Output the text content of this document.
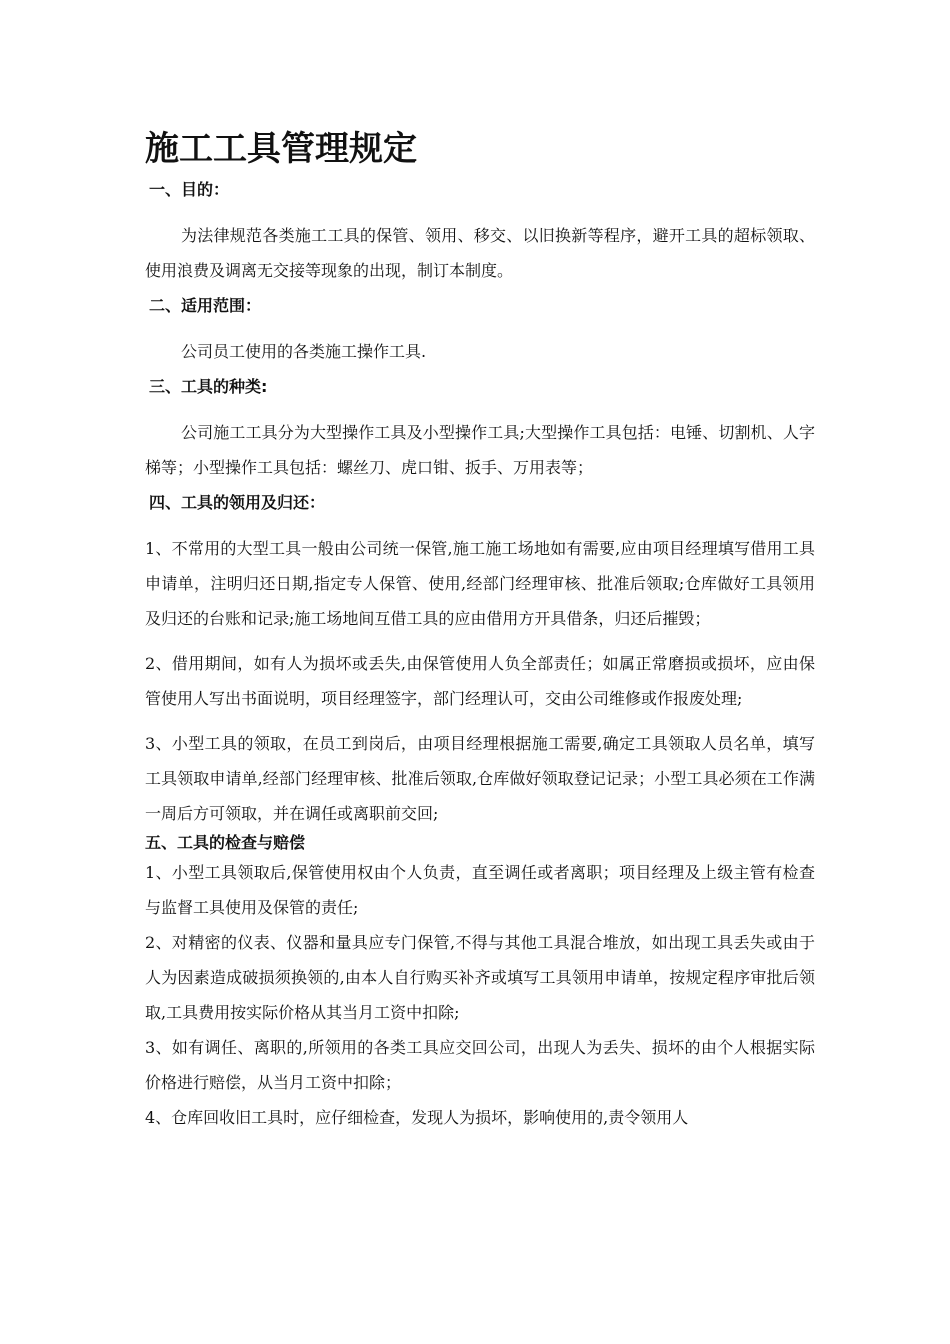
施工工具管理规定
一、目的：

为法律规范各类施工工具的保管、领用、移交、以旧换新等程序，避开工具的超标领取、使用浪费及调离无交接等现象的出现，制订本制度。

二、适用范围：

公司员工使用的各类施工操作工具.

三、工具的种类:

公司施工工具分为大型操作工具及小型操作工具;大型操作工具包括：电锤、切割机、人字梯等；小型操作工具包括：螺丝刀、虎口钳、扳手、万用表等；

四、工具的领用及归还：

1、不常用的大型工具一般由公司统一保管,施工施工场地如有需要,应由项目经理填写借用工具申请单，注明归还日期,指定专人保管、使用,经部门经理审核、批准后领取;仓库做好工具领用及归还的台账和记录;施工场地间互借工具的应由借用方开具借条，归还后摧毁；

2、借用期间，如有人为损坏或丢失,由保管使用人负全部责任；如属正常磨损或损坏，应由保管使用人写出书面说明，项目经理签字，部门经理认可，交由公司维修或作报废处理;

3、小型工具的领取，在员工到岗后，由项目经理根据施工需要,确定工具领取人员名单，填写工具领取申请单,经部门经理审核、批准后领取,仓库做好领取登记记录；小型工具必须在工作满一周后方可领取，并在调任或离职前交回;

五、工具的检查与赔偿

1、小型工具领取后,保管使用权由个人负责，直至调任或者离职；项目经理及上级主管有检查与监督工具使用及保管的责任;

2、对精密的仪表、仪器和量具应专门保管,不得与其他工具混合堆放，如出现工具丢失或由于人为因素造成破损须换领的,由本人自行购买补齐或填写工具领用申请单，按规定程序审批后领取,工具费用按实际价格从其当月工资中扣除;

3、如有调任、离职的,所领用的各类工具应交回公司，出现人为丢失、损坏的由个人根据实际价格进行赔偿，从当月工资中扣除；

4、仓库回收旧工具时，应仔细检查，发现人为损坏，影响使用的,责令领用人
